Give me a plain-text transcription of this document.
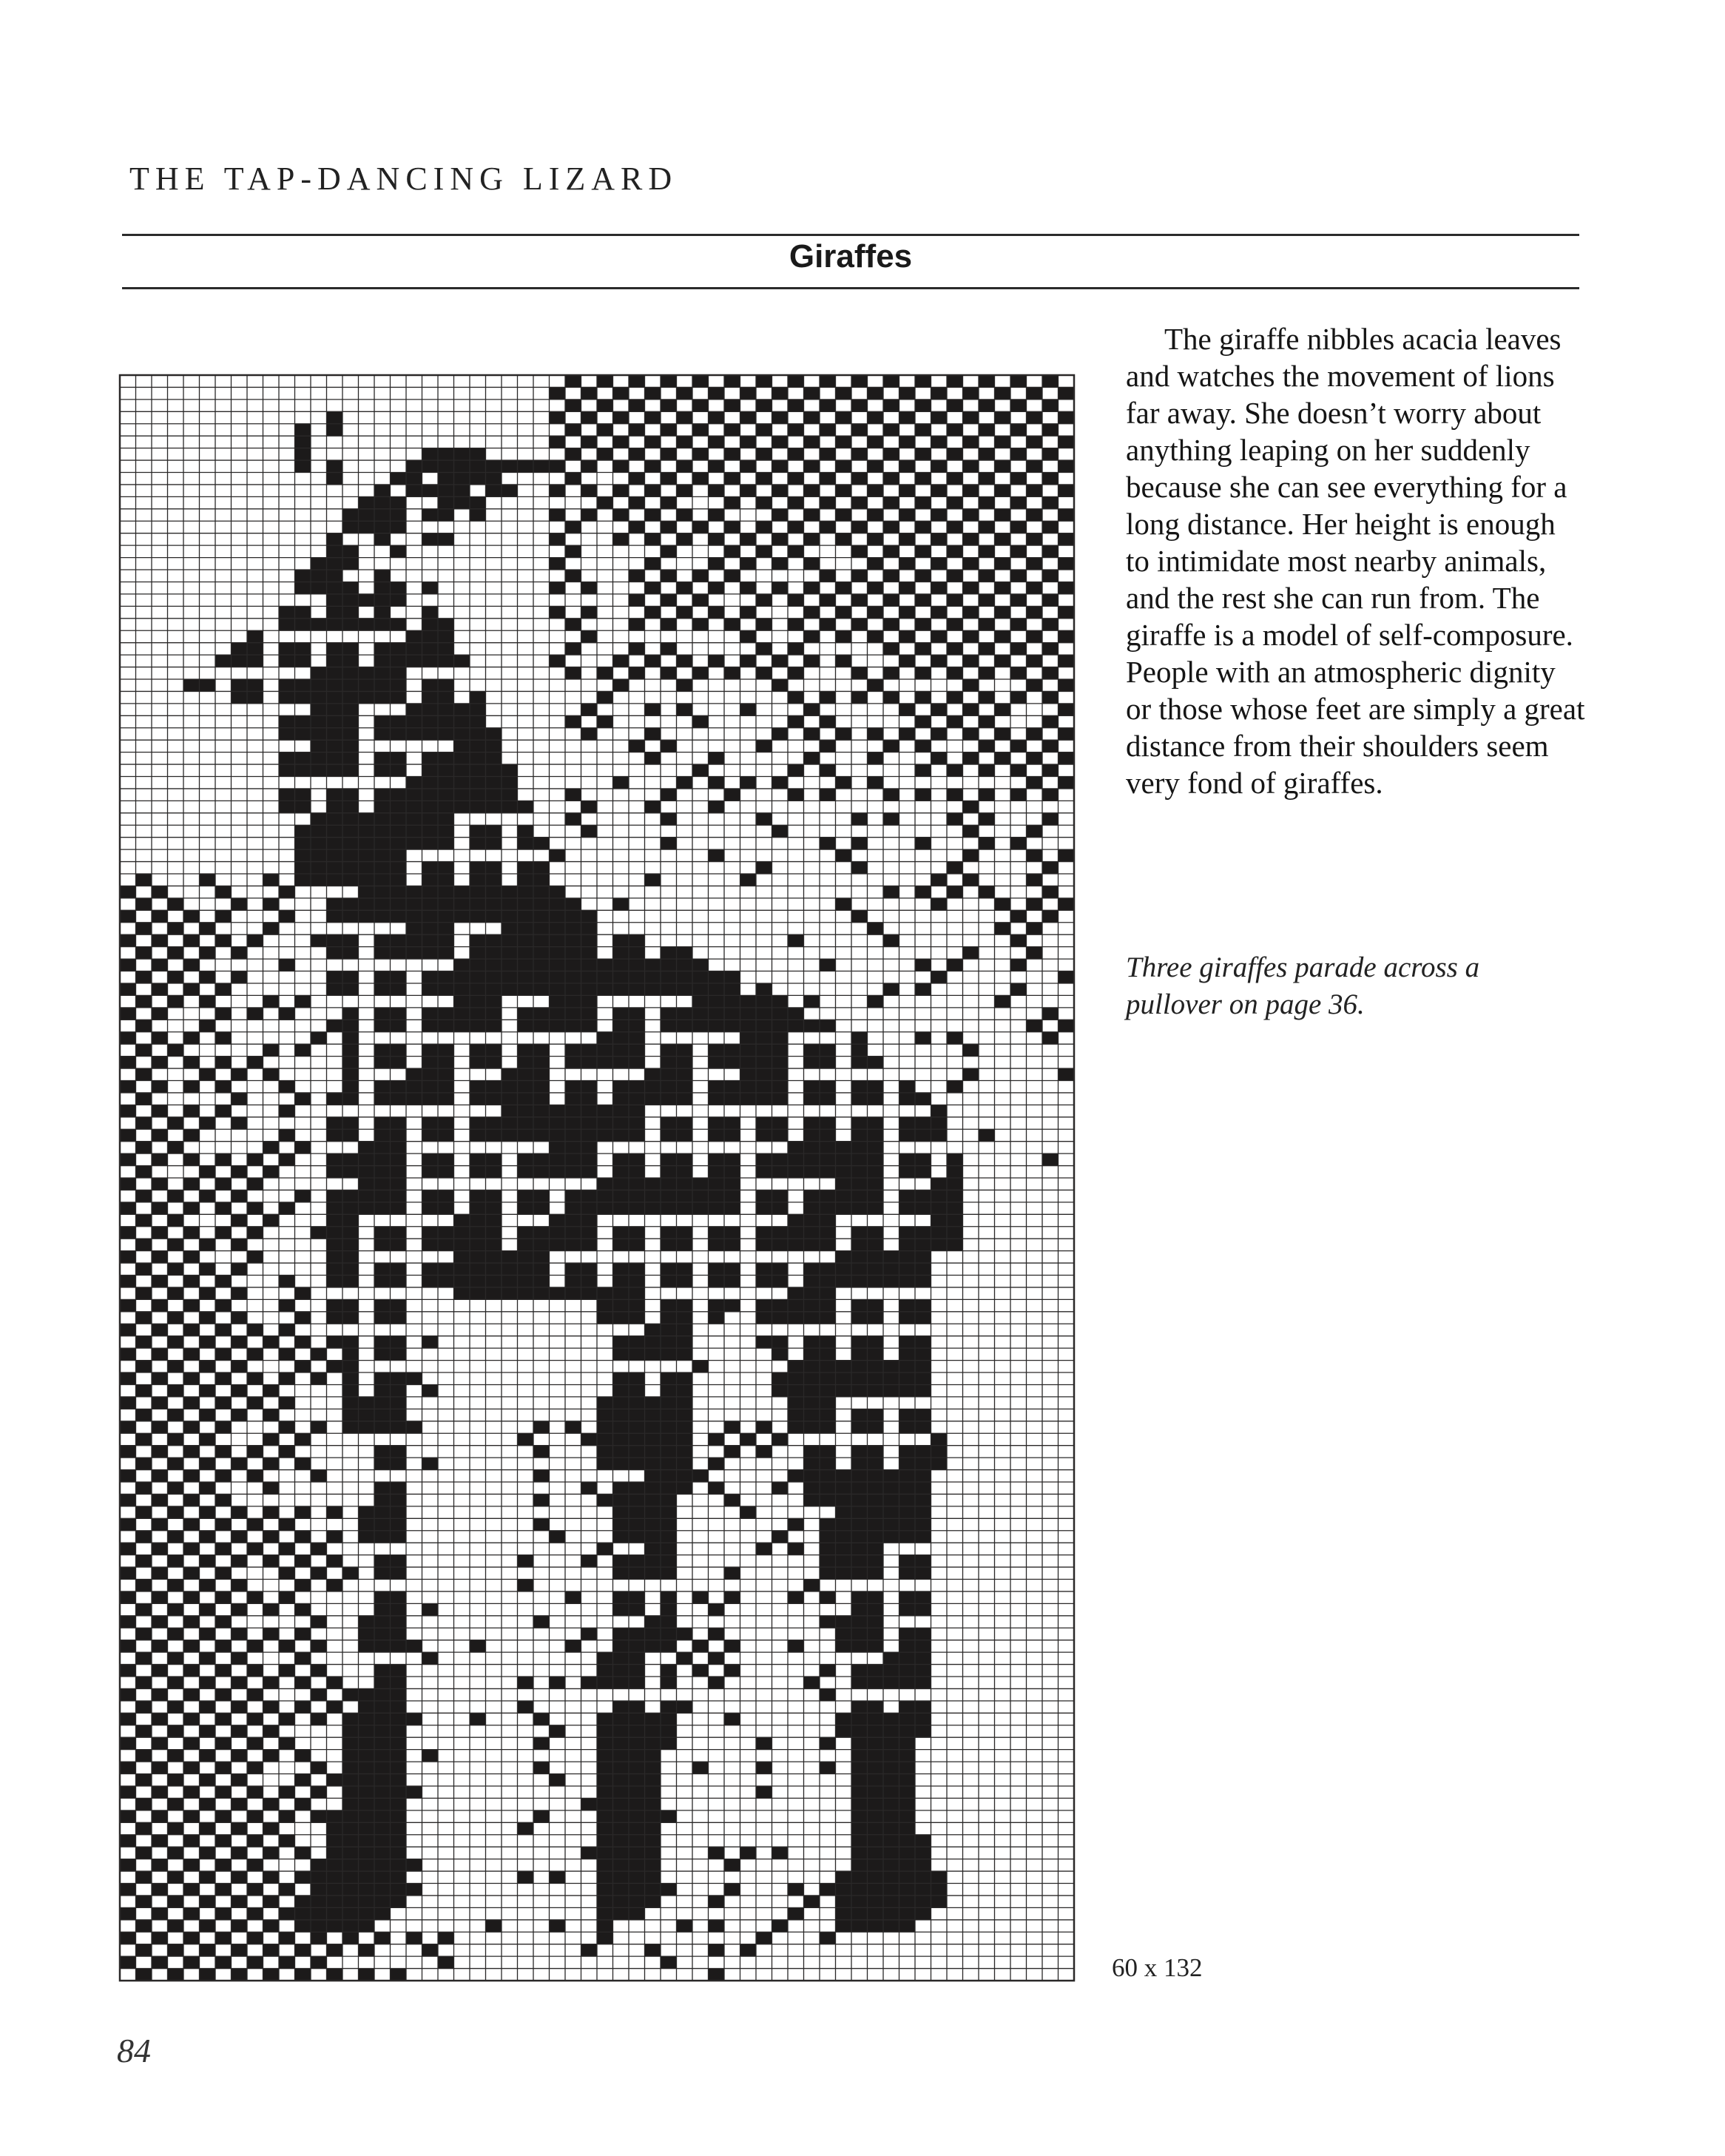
THE TAP-DANCING LIZARD
Giraffes
60 x 132

The giraffe nibbles acacia leaves and watches the movement of lions far away. She doesn’t worry about anything leaping on her suddenly because she can see everything for a long distance. Her height is enough to intimidate most nearby animals, and the rest she can run from. The giraffe is a model of self-composure. People with an atmospheric dignity or those whose feet are simply a great distance from their shoulders seem very fond of giraffes.

Three giraffes parade across a pullover on page 36.

84
